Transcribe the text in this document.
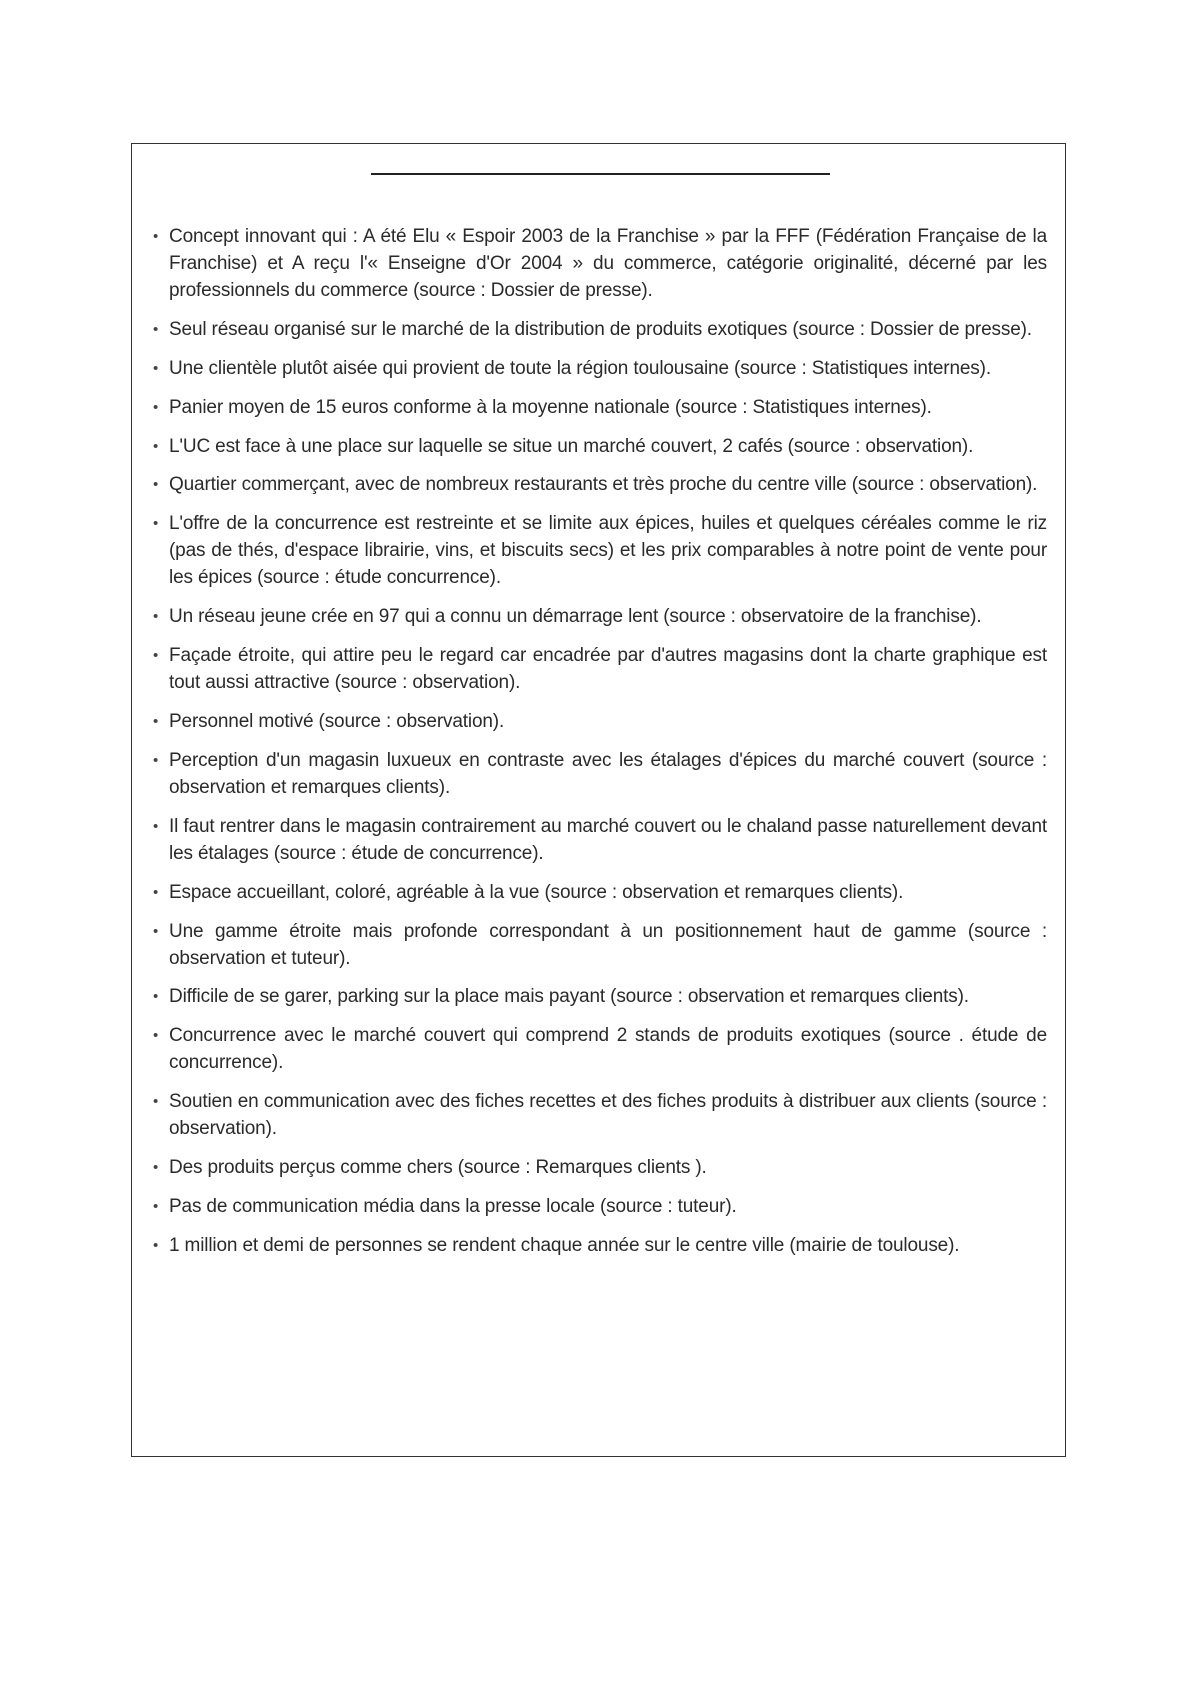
• Concept innovant qui : A été Elu « Espoir 2003 de la Franchise » par la FFF (Fédération Française de la Franchise) et A reçu l'« Enseigne d'Or 2004 » du commerce, catégorie originalité, décerné par les professionnels du commerce (source : Dossier de presse).
• Seul réseau organisé sur le marché de la distribution de produits exotiques (source : Dossier de presse).
• Une clientèle plutôt aisée qui provient de toute la région toulousaine (source : Statistiques internes).
• Panier moyen de 15 euros conforme à la moyenne nationale (source : Statistiques internes).
• L'UC est face à une place sur laquelle se situe un marché couvert, 2 cafés (source : observation).
• Quartier commerçant, avec de nombreux restaurants et très proche du centre ville (source : observation).
• L'offre de la concurrence est restreinte et se limite aux épices, huiles et quelques céréales comme le riz (pas de thés, d'espace librairie, vins, et biscuits secs) et les prix comparables à notre point de vente pour les épices (source : étude concurrence).
• Un réseau jeune crée en 97 qui a connu un démarrage lent (source : observatoire de la franchise).
• Façade étroite, qui attire peu le regard car encadrée par d'autres magasins dont la charte graphique est tout aussi attractive (source : observation).
• Personnel motivé (source : observation).
• Perception d'un magasin luxueux en contraste avec les étalages d'épices du marché couvert (source : observation et remarques clients).
• Il faut rentrer dans le magasin contrairement au marché couvert ou le chaland passe naturellement devant les étalages (source : étude de concurrence).
• Espace accueillant, coloré, agréable à la vue (source : observation et remarques clients).
• Une gamme étroite mais profonde correspondant à un positionnement haut de gamme (source : observation et tuteur).
• Difficile de se garer, parking sur la place mais payant (source : observation et remarques clients).
• Concurrence avec le marché couvert qui comprend 2 stands de produits exotiques (source . étude de concurrence).
• Soutien en communication avec des fiches recettes et des fiches produits à distribuer aux clients (source : observation).
• Des produits perçus comme chers (source : Remarques clients ).
• Pas de communication média dans la presse locale (source : tuteur).
• 1 million et demi de personnes se rendent chaque année sur le centre ville (mairie de toulouse).
